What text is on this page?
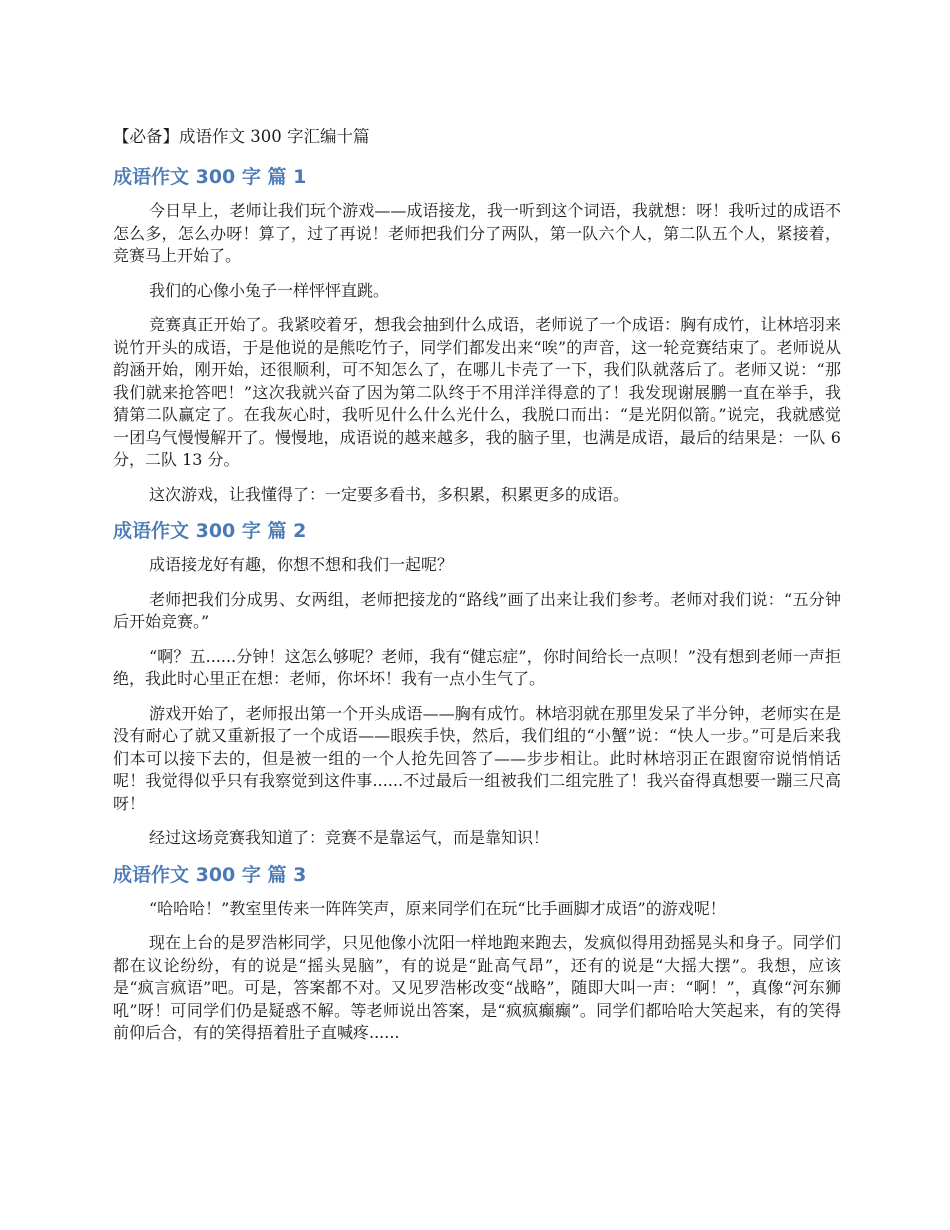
【必备】成语作文 300 字汇编十篇
成语作文 300 字 篇 1

今日早上，老师让我们玩个游戏——成语接龙，我一听到这个词语，我就想：呀！我听过的成语不怎么多，怎么办呀！算了，过了再说！老师把我们分了两队，第一队六个人，第二队五个人，紧接着，竞赛马上开始了。

我们的心像小兔子一样怦怦直跳。

竞赛真正开始了。我紧咬着牙，想我会抽到什么成语，老师说了一个成语：胸有成竹，让林培羽来说竹开头的成语，于是他说的是熊吃竹子，同学们都发出来“唉”的声音，这一轮竞赛结束了。老师说从韵涵开始，刚开始，还很顺利，可不知怎么了，在哪儿卡壳了一下，我们队就落后了。老师又说：“那我们就来抢答吧！”这次我就兴奋了因为第二队终于不用洋洋得意的了！我发现谢展鹏一直在举手，我猜第二队赢定了。在我灰心时，我听见什么什么光什么，我脱口而出：“是光阴似箭。”说完，我就感觉一团乌气慢慢解开了。慢慢地，成语说的越来越多，我的脑子里，也满是成语，最后的结果是：一队 6 分，二队 13 分。

这次游戏，让我懂得了：一定要多看书，多积累，积累更多的成语。

成语作文 300 字 篇 2

成语接龙好有趣，你想不想和我们一起呢？

老师把我们分成男、女两组，老师把接龙的“路线”画了出来让我们参考。老师对我们说：“五分钟后开始竞赛。”

“啊？五......分钟！这怎么够呢？老师，我有“健忘症”，你时间给长一点呗！”没有想到老师一声拒绝，我此时心里正在想：老师，你坏坏！我有一点小生气了。

游戏开始了，老师报出第一个开头成语——胸有成竹。林培羽就在那里发呆了半分钟，老师实在是没有耐心了就又重新报了一个成语——眼疾手快，然后，我们组的“小蟹”说：“快人一步。”可是后来我们本可以接下去的，但是被一组的一个人抢先回答了——步步相让。此时林培羽正在跟窗帘说悄悄话呢！我觉得似乎只有我察觉到这件事......不过最后一组被我们二组完胜了！我兴奋得真想要一蹦三尺高呀！

经过这场竞赛我知道了：竞赛不是靠运气，而是靠知识！

成语作文 300 字 篇 3

“哈哈哈！”教室里传来一阵阵笑声，原来同学们在玩“比手画脚才成语”的游戏呢！

现在上台的是罗浩彬同学，只见他像小沈阳一样地跑来跑去，发疯似得用劲摇晃头和身子。同学们都在议论纷纷，有的说是“摇头晃脑”，有的说是“趾高气昂”，还有的说是“大摇大摆”。我想，应该是“疯言疯语”吧。可是，答案都不对。又见罗浩彬改变“战略”，随即大叫一声：“啊！”，真像“河东狮吼”呀！可同学们仍是疑惑不解。等老师说出答案，是“疯疯癫癫”。同学们都哈哈大笑起来，有的笑得前仰后合，有的笑得捂着肚子直喊疼......
